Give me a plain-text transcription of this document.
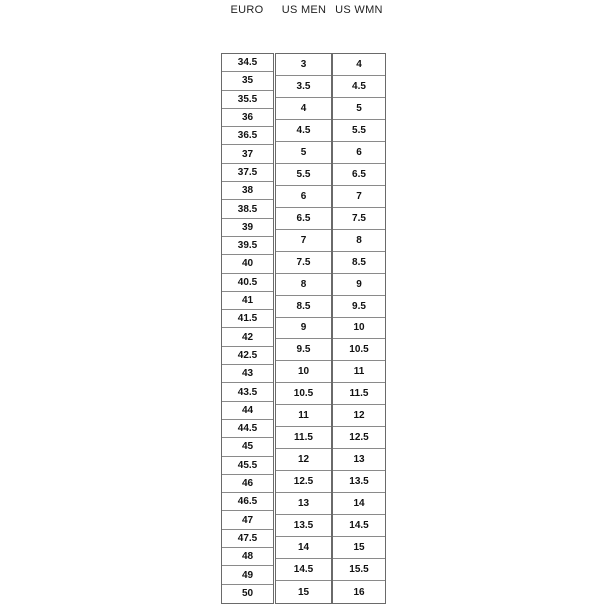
EURO	US MEN US WMN
34.5
35
35.5
36
36.5
37
37.5
38
38.5
39
39.5
40
40.5
41
41.5
42
42.5
43
43.5
44
44.5
45
45.5
46
46.5
47
47.5
48
49
50
3
3.5
4
4.5
5
5.5
6
6.5
7
7.5
8
8.5
9
9.5
10
10.5
11
11.5
12
12.5
13
13.5
14
14.5
15
4
4.5
5
5.5
6
6.5
7
7.5
8
8.5
9
9.5
10
10.5
11
11.5
12
12.5
13
13.5
14
14.5
15
15.5
16
